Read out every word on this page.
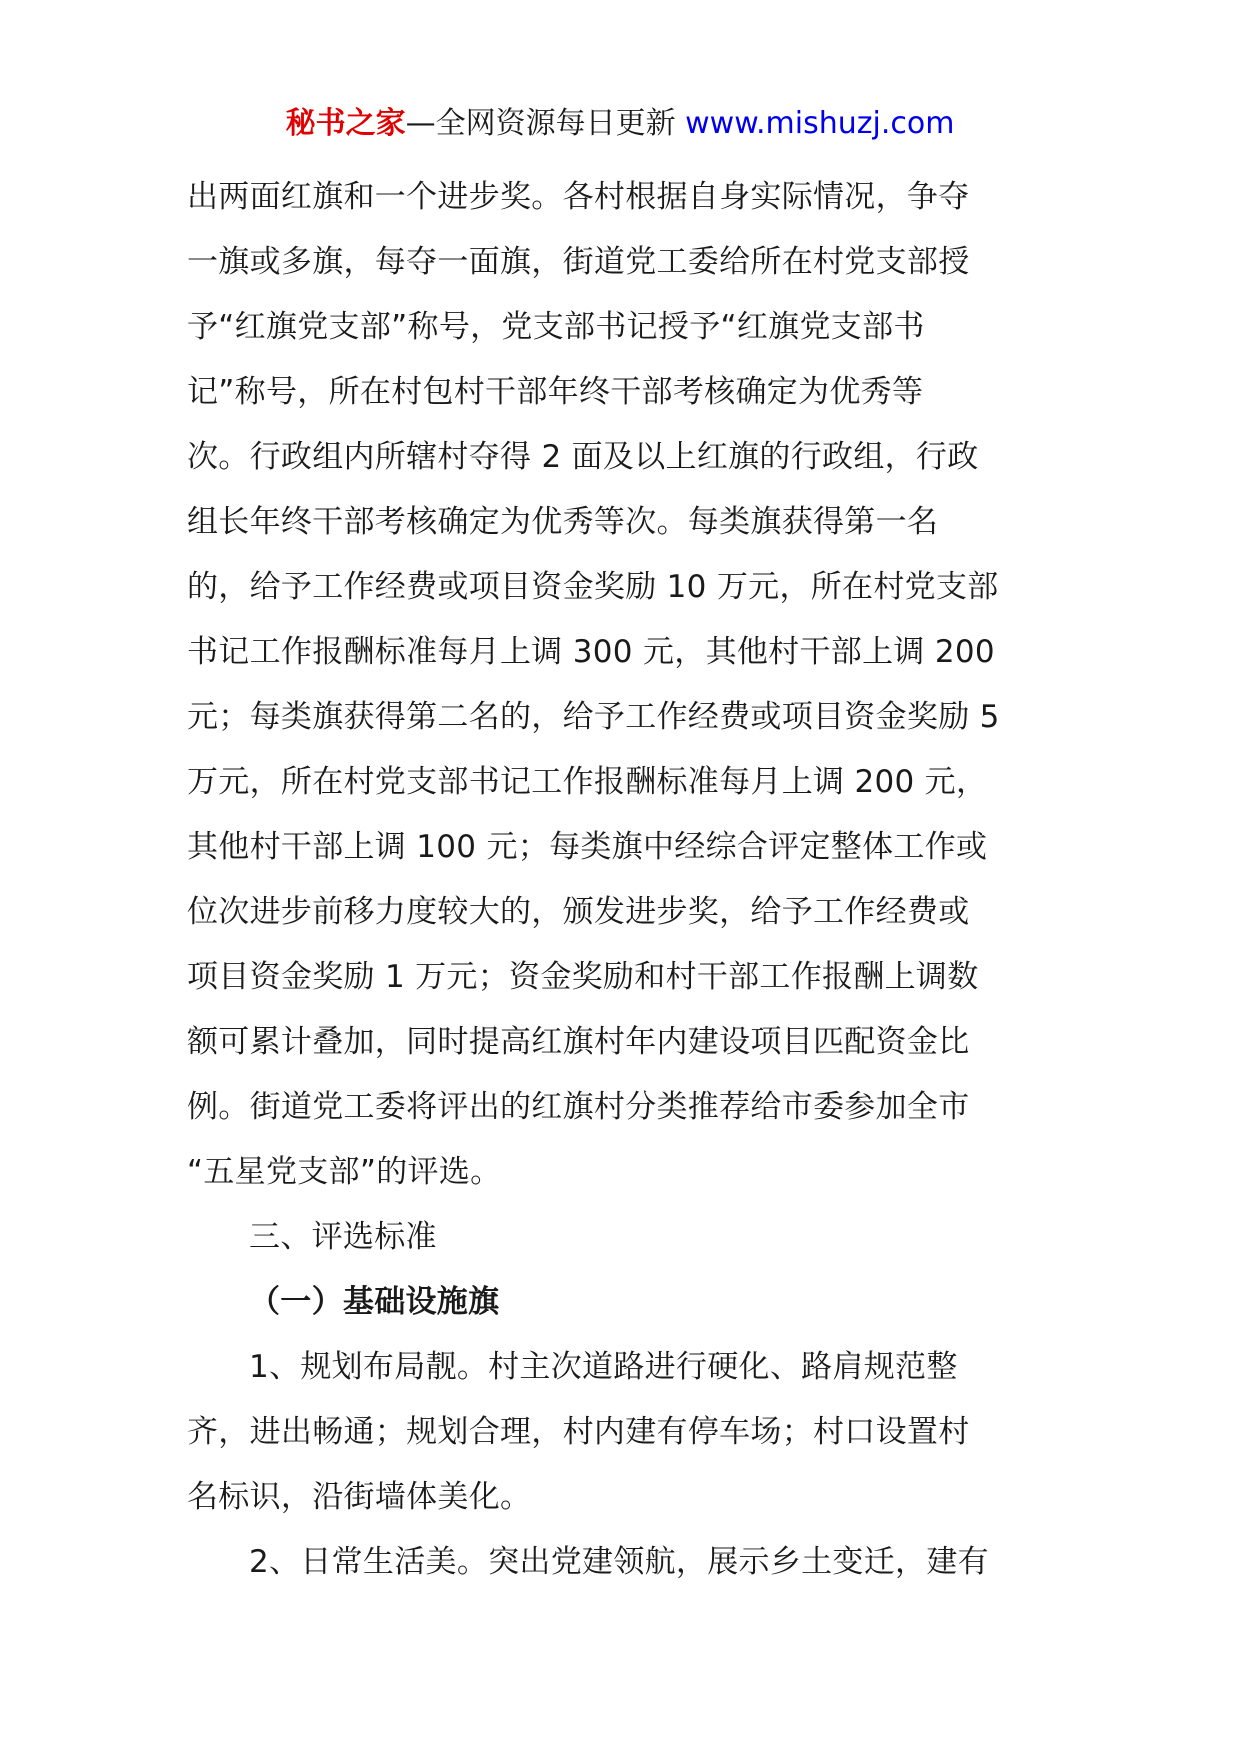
秘书之家—全网资源每日更新 www.mishuzj.com
出两面红旗和一个进步奖。各村根据自身实际情况，争夺
一旗或多旗，每夺一面旗，街道党工委给所在村党支部授
予“红旗党支部”称号，党支部书记授予“红旗党支部书
记”称号，所在村包村干部年终干部考核确定为优秀等
次。行政组内所辖村夺得 2 面及以上红旗的行政组，行政
组长年终干部考核确定为优秀等次。每类旗获得第一名
的，给予工作经费或项目资金奖励 10 万元，所在村党支部
书记工作报酬标准每月上调 300 元，其他村干部上调 200
元；每类旗获得第二名的，给予工作经费或项目资金奖励 5
万元，所在村党支部书记工作报酬标准每月上调 200 元，
其他村干部上调 100 元；每类旗中经综合评定整体工作或
位次进步前移力度较大的，颁发进步奖，给予工作经费或
项目资金奖励 1 万元；资金奖励和村干部工作报酬上调数
额可累计叠加，同时提高红旗村年内建设项目匹配资金比
例。街道党工委将评出的红旗村分类推荐给市委参加全市
“五星党支部”的评选。
三、评选标准
（一）基础设施旗
1、规划布局靓。村主次道路进行硬化、路肩规范整
齐，进出畅通；规划合理，村内建有停车场；村口设置村
名标识，沿街墙体美化。
2、日常生活美。突出党建领航，展示乡土变迁，建有
